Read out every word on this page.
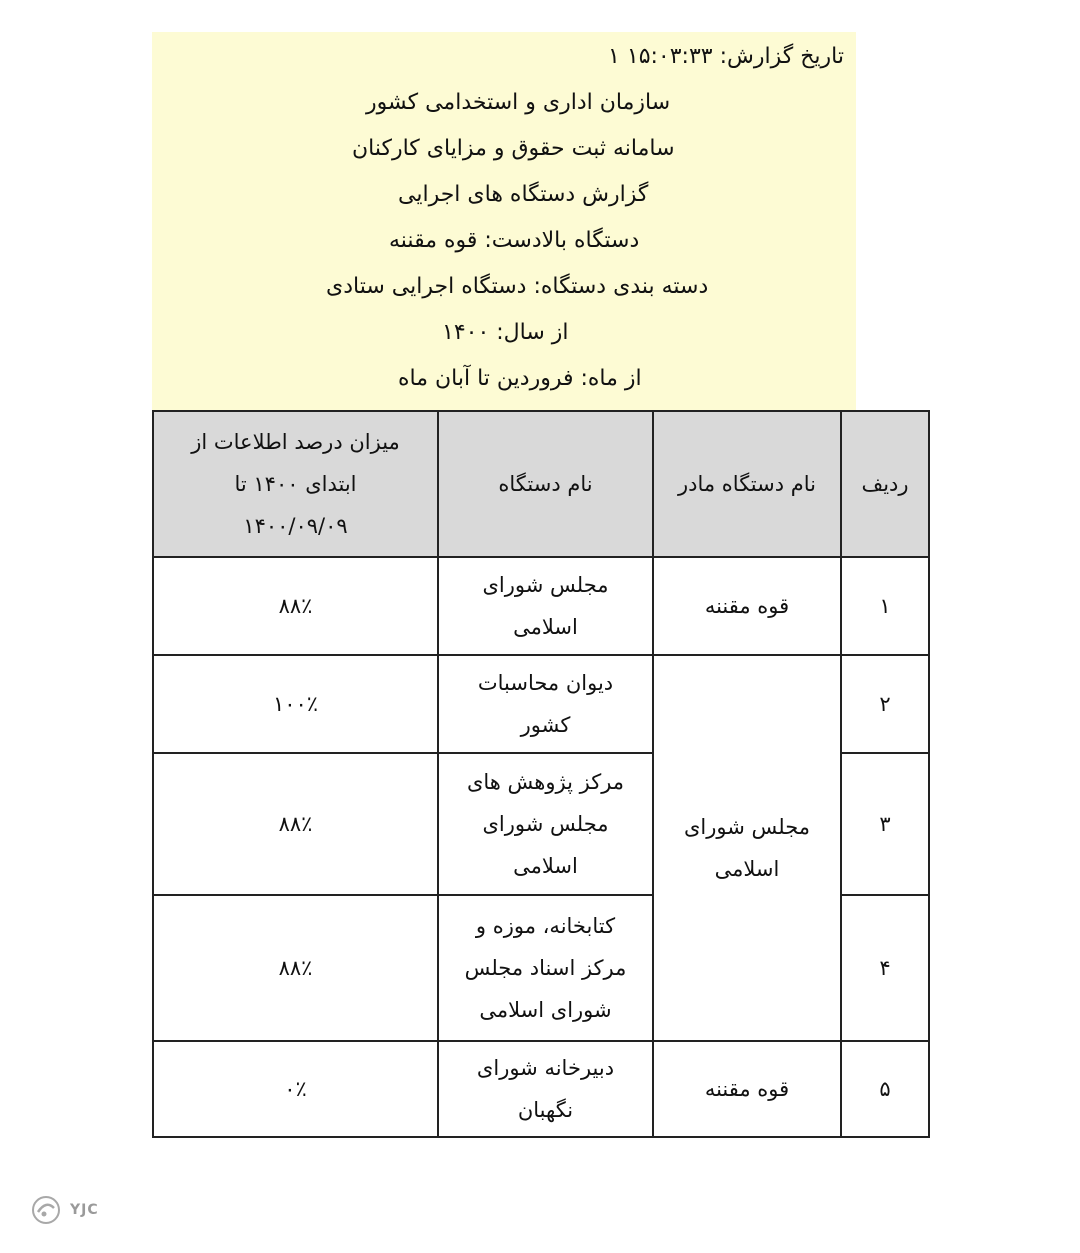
تاریخ گزارش: ۱۵:۰۳:۳۳ ۱
سازمان اداری و استخدامی کشور
سامانه ثبت حقوق و مزایای کارکنان
گزارش دستگاه های اجرایی
دستگاه بالادست: قوه مقننه
دسته بندی دستگاه: دستگاه اجرایی ستادی
از سال: ۱۴۰۰
از ماه: فروردین تا آبان ماه
ردیف	نام دستگاه مادر	نام دستگاه	میزان درصد اطلاعات از ابتدای ۱۴۰۰ تا ۱۴۰۰/۰۹/۰۹
۱	قوه مقننه	مجلس شورای اسلامی	۸۸٪
۲	مجلس شورای اسلامی	دیوان محاسبات کشور	۱۰۰٪
۳		مرکز پژوهش های مجلس شورای اسلامی	۸۸٪
۴		کتابخانه، موزه و مرکز اسناد مجلس شورای اسلامی	۸۸٪
۵	قوه مقننه	دبیرخانه شورای نگهبان	۰٪
YJC
